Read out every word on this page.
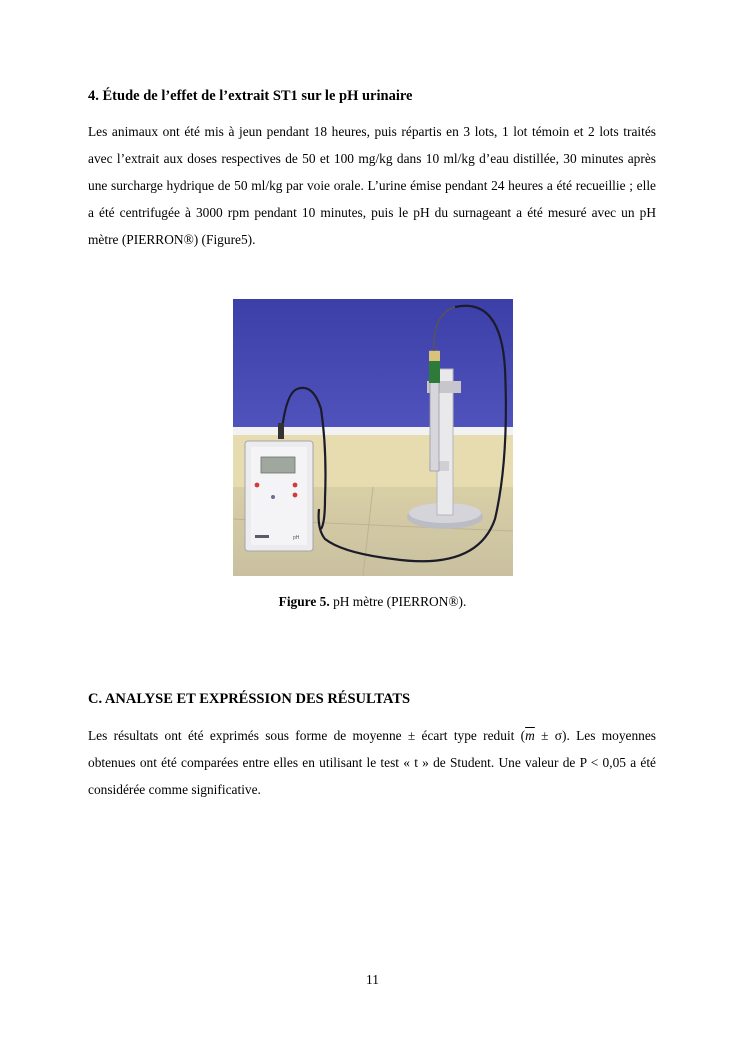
4. Étude de l’effet de l’extrait ST1 sur le pH urinaire

Les animaux ont été mis à jeun pendant 18 heures, puis répartis en 3 lots, 1 lot témoin et 2 lots traités avec l’extrait aux doses respectives de 50 et 100 mg/kg dans 10 ml/kg d’eau distillée, 30 minutes après une surcharge hydrique de 50 ml/kg par voie orale. L’urine émise pendant 24 heures a été recueillie ; elle a été centrifugée à 3000 rpm pendant 10 minutes, puis le pH du surnageant a été mesuré avec un pH mètre (PIERRON®) (Figure5).

pH
Figure 5. pH mètre (PIERRON®).
C. ANALYSE ET EXPRÉSSION DES RÉSULTATS

Les résultats ont été exprimés sous forme de moyenne ± écart type reduit $(\overline{m} \pm \sigma)$. Les moyennes obtenues ont été comparées entre elles en utilisant le test « t » de Student. Une valeur de P < 0,05 a été considérée comme significative.

11
